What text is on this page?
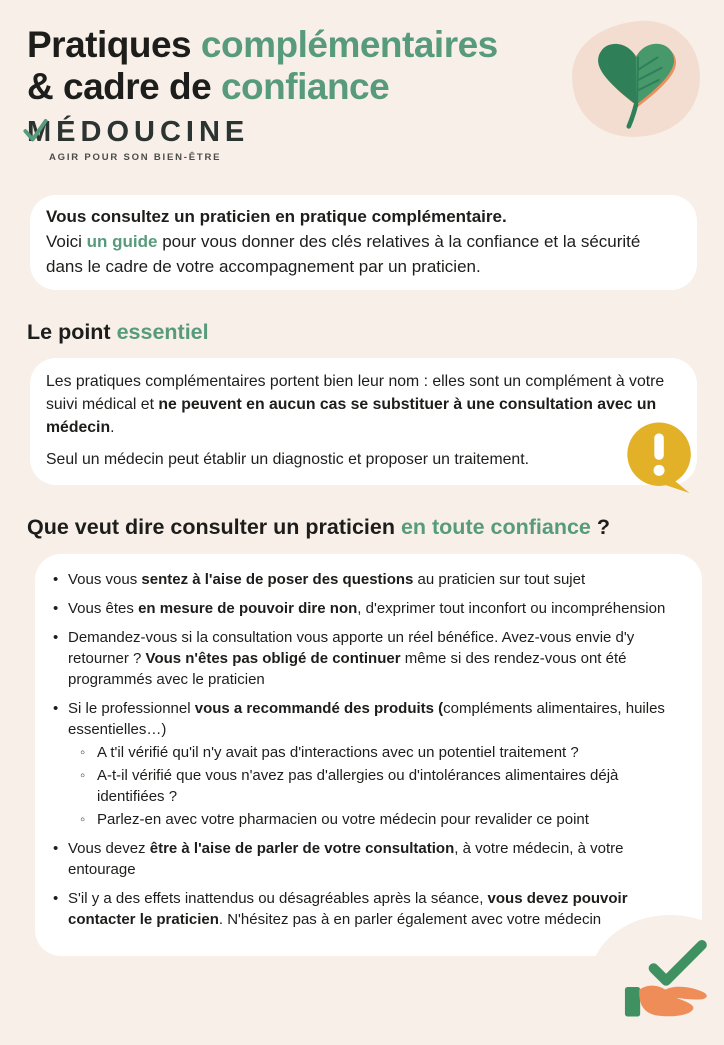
Pratiques complémentaires
& cadre de confiance
MÉDOUCINE
AGIR POUR SON BIEN-ÊTRE
Vous consultez un praticien en pratique complémentaire.
Voici un guide pour vous donner des clés relatives à la confiance et la sécurité dans le cadre de votre accompagnement par un praticien.
Le point essentiel

Les pratiques complémentaires portent bien leur nom : elles sont un complément à votre suivi médical et ne peuvent en aucun cas se substituer à une consultation avec un médecin.

Seul un médecin peut établir un diagnostic et proposer un traitement.

Que veut dire consulter un praticien en toute confiance ?
• Vous vous sentez à l'aise de poser des questions au praticien sur tout sujet
• Vous êtes en mesure de pouvoir dire non, d'exprimer tout inconfort ou incompréhension
• Demandez-vous si la consultation vous apporte un réel bénéfice. Avez-vous envie d'y retourner ? Vous n'êtes pas obligé de continuer même si des rendez-vous ont été programmés avec le praticien
• Si le professionnel vous a recommandé des produits (compléments alimentaires, huiles essentielles…)
◦ A t'il vérifié qu'il n'y avait pas d'interactions avec un potentiel traitement ?
◦ A-t-il vérifié que vous n'avez pas d'allergies ou d'intolérances alimentaires déjà identifiées ?
◦ Parlez-en avec votre pharmacien ou votre médecin pour revalider ce point
• Vous devez être à l'aise de parler de votre consultation, à votre médecin, à votre entourage
• S'il y a des effets inattendus ou désagréables après la séance, vous devez pouvoir contacter le praticien. N'hésitez pas à en parler également avec votre médecin
